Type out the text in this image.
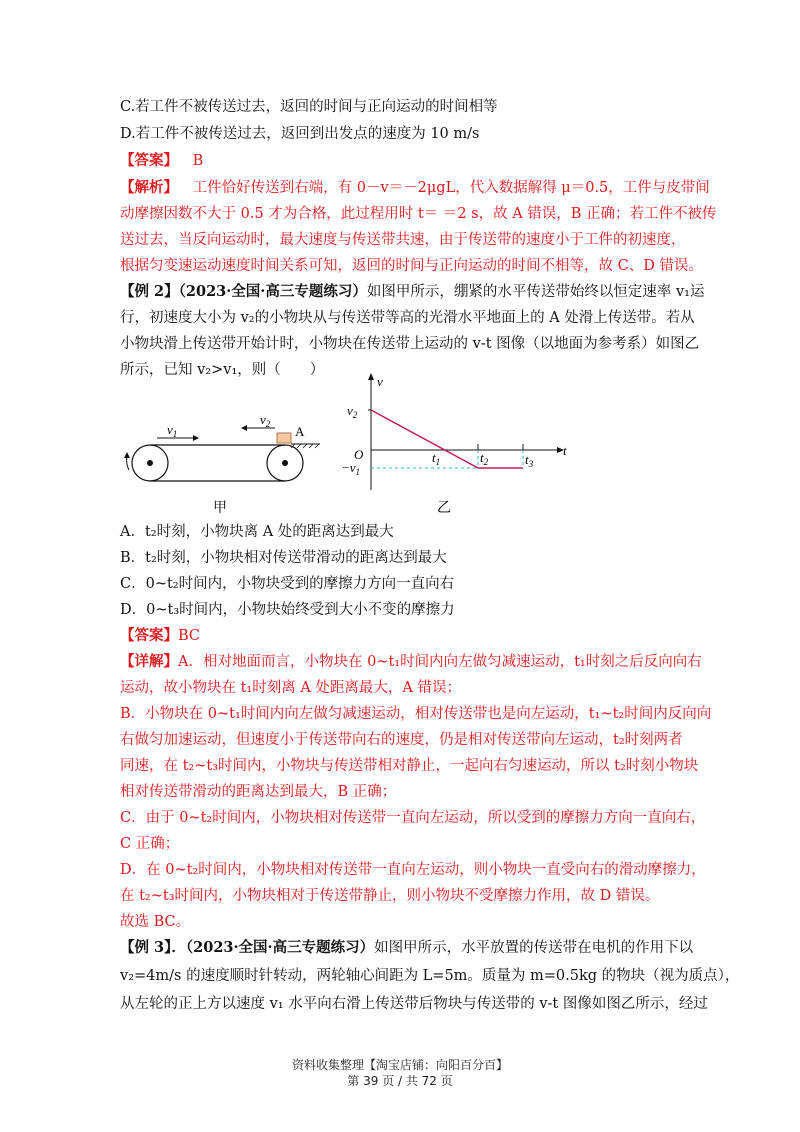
C.若工件不被传送过去，返回的时间与正向运动的时间相等
D.若工件不被传送过去，返回到出发点的速度为 10 m/s
【答案】 B
【解析】 工件恰好传送到右端，有 0－v＝－2μgL，代入数据解得 μ＝0.5，工件与皮带间
动摩擦因数不大于 0.5 才为合格，此过程用时 t＝ ＝2 s，故 A 错误，B 正确；若工件不被传
送过去，当反向运动时，最大速度与传送带共速，由于传送带的速度小于工件的初速度，
根据匀变速运动速度时间关系可知，返回的时间与正向运动的时间不相等，故 C、D 错误。
【例 2】（2023·全国·高三专题练习）如图甲所示，绷紧的水平传送带始终以恒定速率 v₁运
行，初速度大小为 v₂的小物块从与传送带等高的光滑水平地面上的 A 处滑上传送带。若从
小物块滑上传送带开始计时，小物块在传送带上运动的 v-t 图像（以地面为参考系）如图乙
所示，已知 v₂>v₁，则（　　）
$v_1$
$v_2$ A
甲
v
t
O
$v_2$
$-v_1$
$t_1$	$t_2$	$t_3$
乙
A．t₂时刻，小物块离 A 处的距离达到最大
B．t₂时刻，小物块相对传送带滑动的距离达到最大
C．0~t₂时间内，小物块受到的摩擦力方向一直向右
D．0~t₃时间内，小物块始终受到大小不变的摩擦力
【答案】BC
【详解】A．相对地面而言，小物块在 0~t₁时间内向左做匀减速运动，t₁时刻之后反向向右
运动，故小物块在 t₁时刻离 A 处距离最大，A 错误；
B．小物块在 0~t₁时间内向左做匀减速运动，相对传送带也是向左运动，t₁~t₂时间内反向向
右做匀加速运动，但速度小于传送带向右的速度，仍是相对传送带向左运动，t₂时刻两者
同速，在 t₂~t₃时间内，小物块与传送带相对静止，一起向右匀速运动，所以 t₂时刻小物块
相对传送带滑动的距离达到最大，B 正确；
C．由于 0~t₂时间内，小物块相对传送带一直向左运动，所以受到的摩擦力方向一直向右，
C 正确；
D．在 0~t₂时间内，小物块相对传送带一直向左运动，则小物块一直受向右的滑动摩擦力，
在 t₂~t₃时间内，小物块相对于传送带静止，则小物块不受摩擦力作用，故 D 错误。
故选 BC。
【例 3】．（2023·全国·高三专题练习）如图甲所示，水平放置的传送带在电机的作用下以
v₂=4m/s 的速度顺时针转动，两轮轴心间距为 L=5m。质量为 m=0.5kg 的物块（视为质点），
从左轮的正上方以速度 v₁ 水平向右滑上传送带后物块与传送带的 v-t 图像如图乙所示，经过
资料收集整理【淘宝店铺：向阳百分百】
第 39 页 / 共 72 页
